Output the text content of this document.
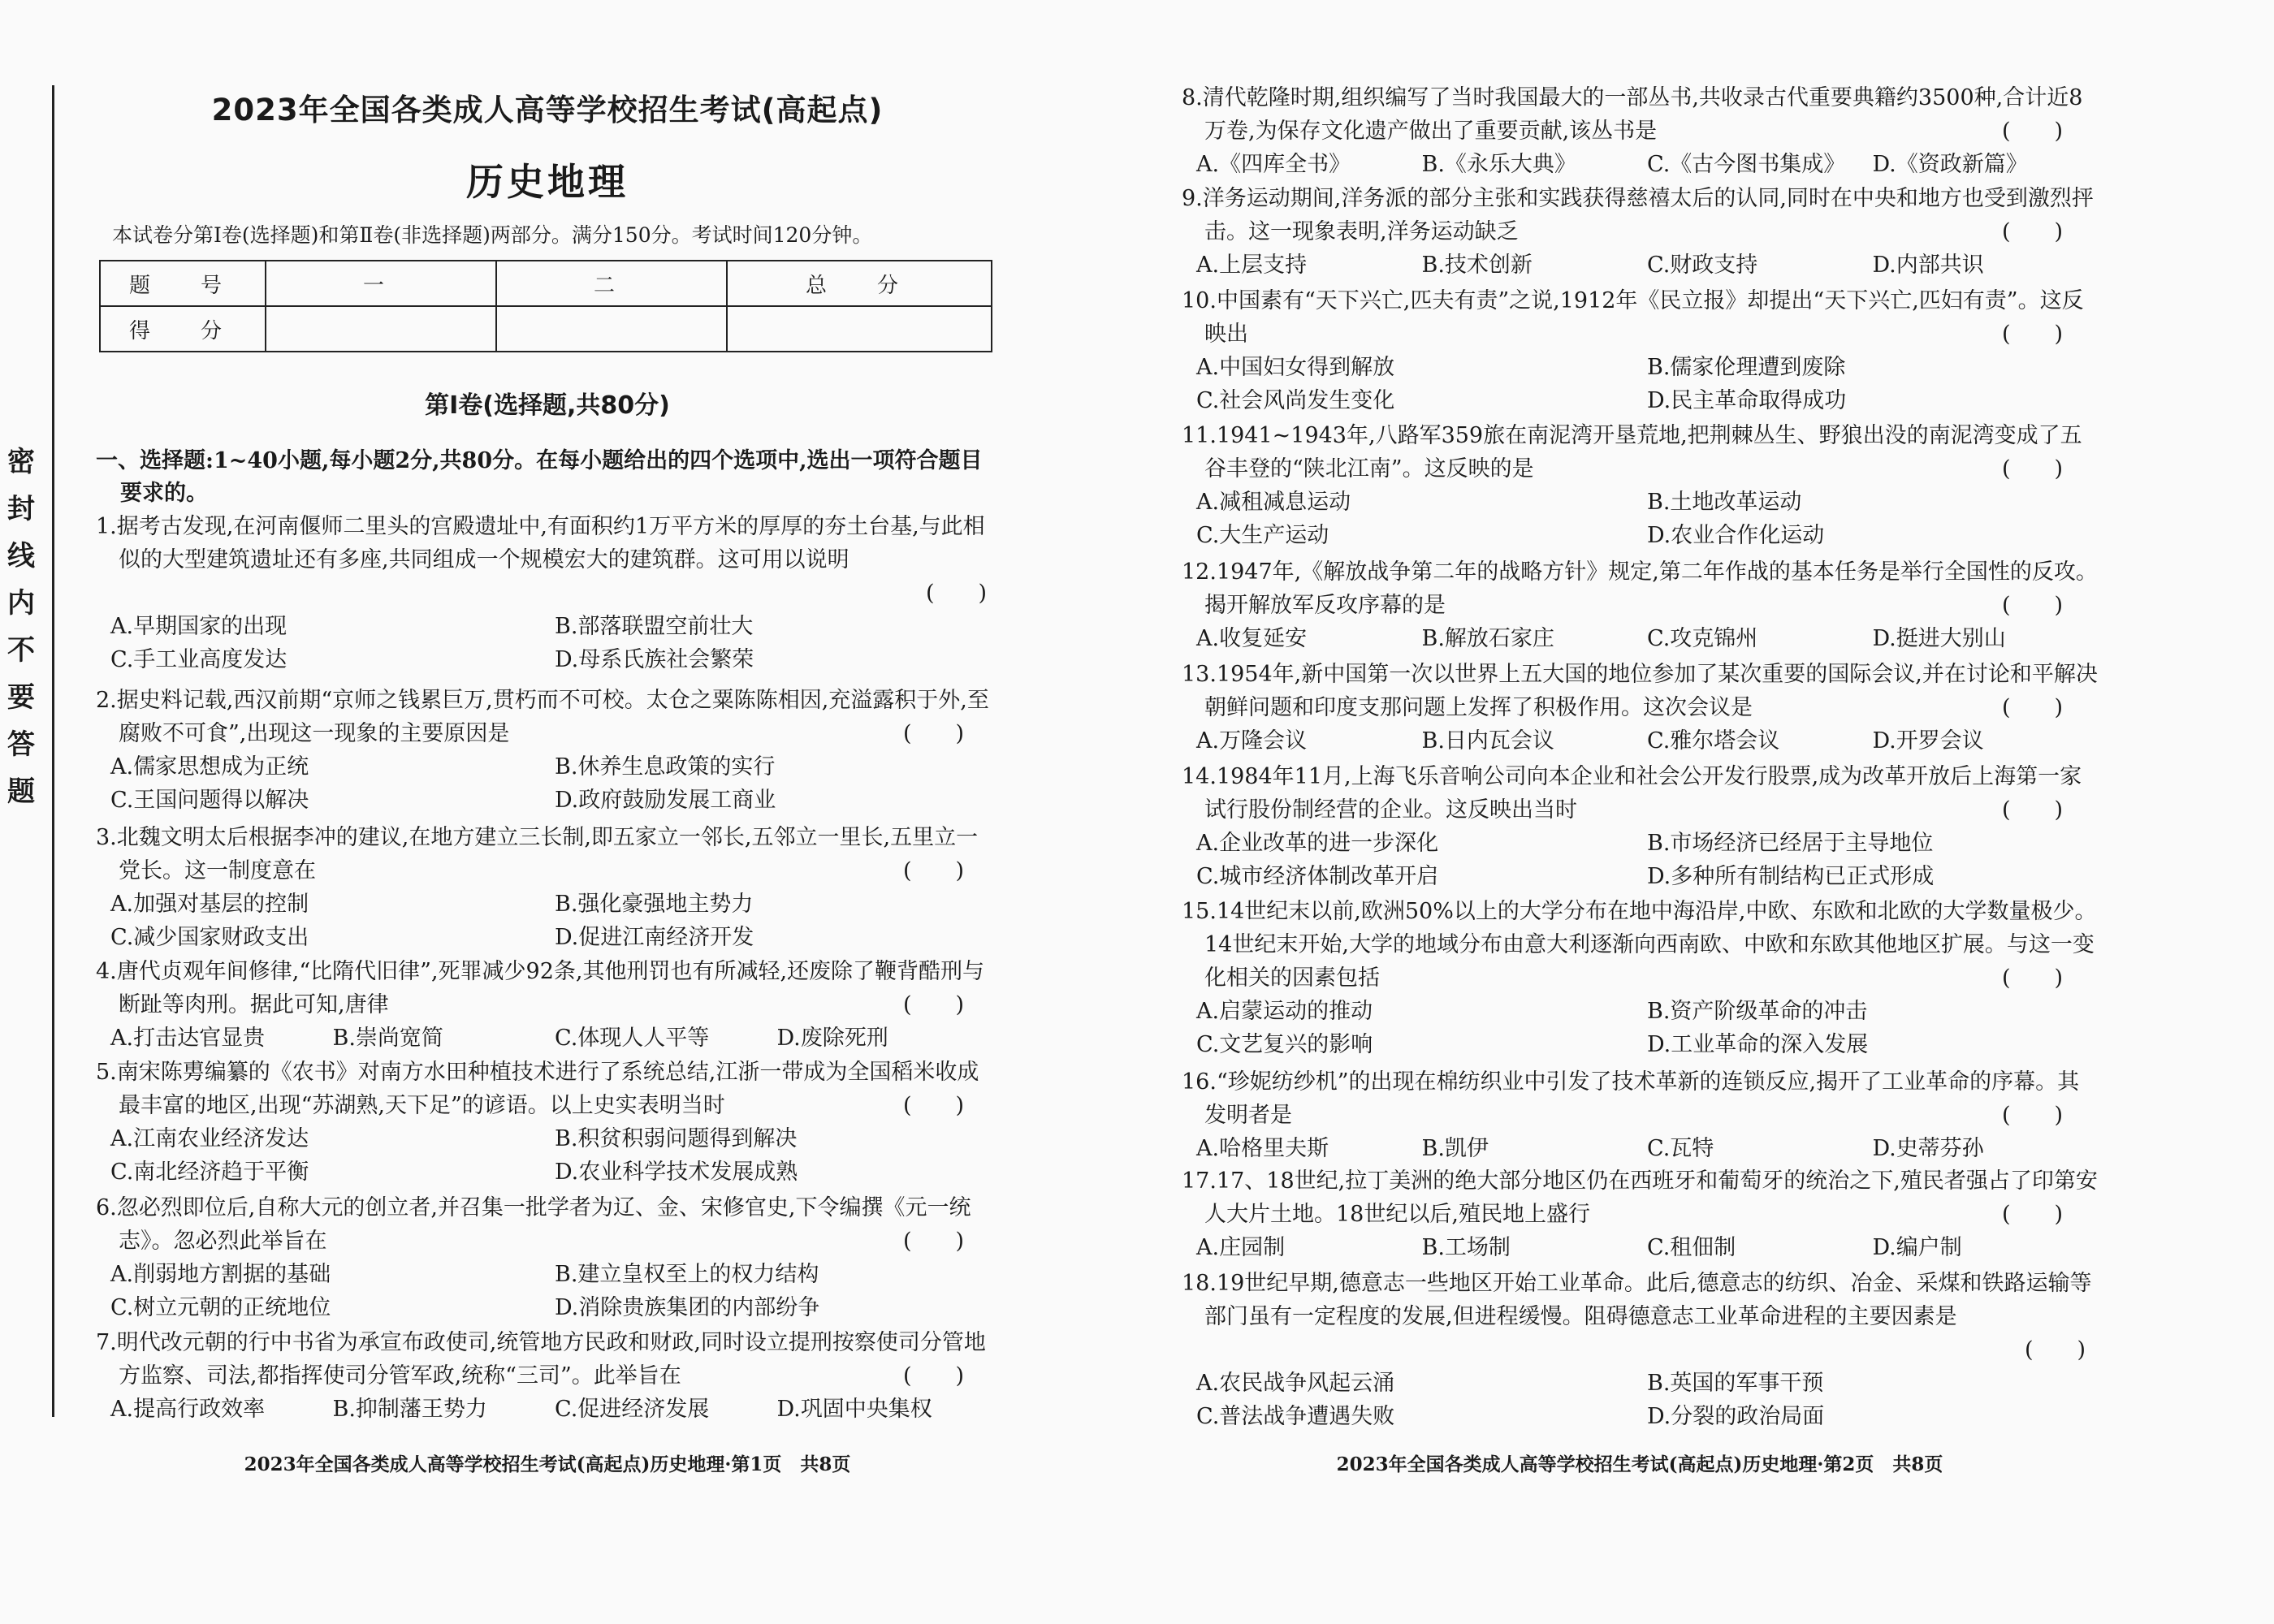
密
封
线
内
不
要
答
题
2023年全国各类成人高等学校招生考试(高起点)
历史地理
本试卷分第Ⅰ卷(选择题)和第Ⅱ卷(非选择题)两部分。满分150分。考试时间120分钟。
题　号	一	二	总　分
得　分			
第Ⅰ卷(选择题,共80分)
一、选择题:1~40小题,每小题2分,共80分。在每小题给出的四个选项中,选出一项符合题目要求的。

1.据考古发现,在河南偃师二里头的宫殿遗址中,有面积约1万平方米的厚厚的夯土台基,与此相似的大型建筑遗址还有多座,共同组成一个规模宏大的建筑群。这可用以说明

(　　)

A.早期国家的出现	B.部落联盟空前壮大
C.手工业高度发达	D.母系氏族社会繁荣

2.据史料记载,西汉前期“京师之钱累巨万,贯朽而不可校。太仓之粟陈陈相因,充溢露积于外,至腐败不可食”,出现这一现象的主要原因是	(　　)

A.儒家思想成为正统	B.休养生息政策的实行
C.王国问题得以解决	D.政府鼓励发展工商业

3.北魏文明太后根据李冲的建议,在地方建立三长制,即五家立一邻长,五邻立一里长,五里立一党长。这一制度意在	(　　)

A.加强对基层的控制	B.强化豪强地主势力
C.减少国家财政支出	D.促进江南经济开发

4.唐代贞观年间修律,“比隋代旧律”,死罪减少92条,其他刑罚也有所减轻,还废除了鞭背酷刑与断趾等肉刑。据此可知,唐律	(　　)

A.打击达官显贵	B.崇尚宽简	C.体现人人平等	D.废除死刑

5.南宋陈旉编纂的《农书》对南方水田种植技术进行了系统总结,江浙一带成为全国稻米收成最丰富的地区,出现“苏湖熟,天下足”的谚语。以上史实表明当时	(　　)

A.江南农业经济发达	B.积贫积弱问题得到解决
C.南北经济趋于平衡	D.农业科学技术发展成熟

6.忽必烈即位后,自称大元的创立者,并召集一批学者为辽、金、宋修官史,下令编撰《元一统志》。忽必烈此举旨在	(　　)

A.削弱地方割据的基础	B.建立皇权至上的权力结构
C.树立元朝的正统地位	D.消除贵族集团的内部纷争

7.明代改元朝的行中书省为承宣布政使司,统管地方民政和财政,同时设立提刑按察使司分管地方监察、司法,都指挥使司分管军政,统称“三司”。此举旨在	(　　)

A.提高行政效率	B.抑制藩王势力	C.促进经济发展	D.巩固中央集权
2023年全国各类成人高等学校招生考试(高起点)历史地理·第1页　共8页

8.清代乾隆时期,组织编写了当时我国最大的一部丛书,共收录古代重要典籍约3500种,合计近8万卷,为保存文化遗产做出了重要贡献,该丛书是	(　　)

A.《四库全书》	B.《永乐大典》	C.《古今图书集成》	D.《资政新篇》

9.洋务运动期间,洋务派的部分主张和实践获得慈禧太后的认同,同时在中央和地方也受到激烈抨击。这一现象表明,洋务运动缺乏	(　　)

A.上层支持	B.技术创新	C.财政支持	D.内部共识

10.中国素有“天下兴亡,匹夫有责”之说,1912年《民立报》却提出“天下兴亡,匹妇有责”。这反映出	(　　)

A.中国妇女得到解放	B.儒家伦理遭到废除
C.社会风尚发生变化	D.民主革命取得成功

11.1941~1943年,八路军359旅在南泥湾开垦荒地,把荆棘丛生、野狼出没的南泥湾变成了五谷丰登的“陕北江南”。这反映的是	(　　)

A.减租减息运动	B.土地改革运动
C.大生产运动	D.农业合作化运动

12.1947年,《解放战争第二年的战略方针》规定,第二年作战的基本任务是举行全国性的反攻。揭开解放军反攻序幕的是	(　　)

A.收复延安	B.解放石家庄	C.攻克锦州	D.挺进大别山

13.1954年,新中国第一次以世界上五大国的地位参加了某次重要的国际会议,并在讨论和平解决朝鲜问题和印度支那问题上发挥了积极作用。这次会议是	(　　)

A.万隆会议	B.日内瓦会议	C.雅尔塔会议	D.开罗会议

14.1984年11月,上海飞乐音响公司向本企业和社会公开发行股票,成为改革开放后上海第一家试行股份制经营的企业。这反映出当时	(　　)

A.企业改革的进一步深化	B.市场经济已经居于主导地位
C.城市经济体制改革开启	D.多种所有制结构已正式形成

15.14世纪末以前,欧洲50%以上的大学分布在地中海沿岸,中欧、东欧和北欧的大学数量极少。14世纪末开始,大学的地域分布由意大利逐渐向西南欧、中欧和东欧其他地区扩展。与这一变化相关的因素包括	(　　)

A.启蒙运动的推动	B.资产阶级革命的冲击
C.文艺复兴的影响	D.工业革命的深入发展

16.“珍妮纺纱机”的出现在棉纺织业中引发了技术革新的连锁反应,揭开了工业革命的序幕。其发明者是	(　　)

A.哈格里夫斯	B.凯伊	C.瓦特	D.史蒂芬孙

17.17、18世纪,拉丁美洲的绝大部分地区仍在西班牙和葡萄牙的统治之下,殖民者强占了印第安人大片土地。18世纪以后,殖民地上盛行	(　　)

A.庄园制	B.工场制	C.租佃制	D.编户制

18.19世纪早期,德意志一些地区开始工业革命。此后,德意志的纺织、冶金、采煤和铁路运输等部门虽有一定程度的发展,但进程缓慢。阻碍德意志工业革命进程的主要因素是

(　　)

A.农民战争风起云涌	B.英国的军事干预
C.普法战争遭遇失败	D.分裂的政治局面
2023年全国各类成人高等学校招生考试(高起点)历史地理·第2页　共8页
